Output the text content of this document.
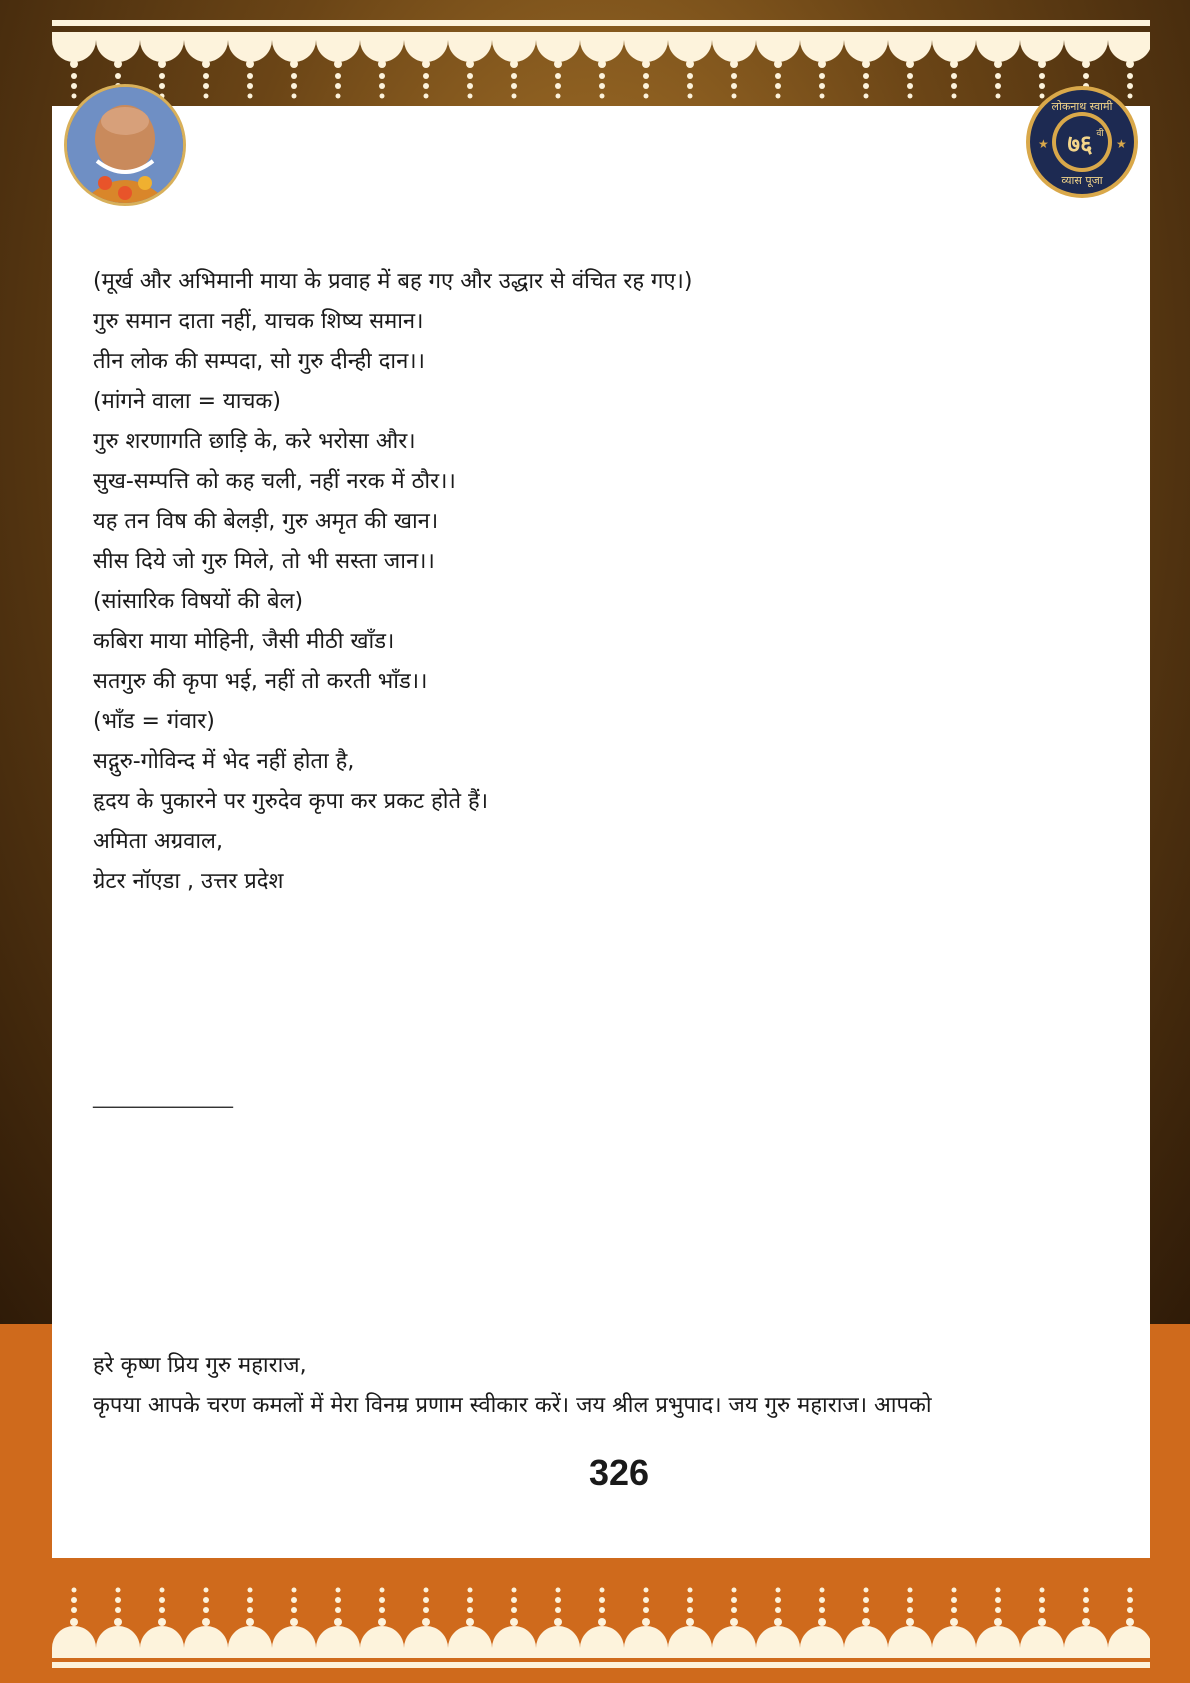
★	★
लोकनाथ स्वामी
७६ वी
व्यास पूजा
(मूर्ख और अभिमानी माया के प्रवाह में बह गए और उद्धार से वंचित रह गए।)
गुरु समान दाता नहीं, याचक शिष्य समान।
तीन लोक की सम्पदा, सो गुरु दीन्ही दान।।
(मांगने वाला = याचक)
गुरु शरणागति छाड़ि के, करे भरोसा और।
सुख-सम्पत्ति को कह चली, नहीं नरक में ठौर।।
यह तन विष की बेलड़ी, गुरु अमृत की खान।
सीस दिये जो गुरु मिले, तो भी सस्ता जान।।
(सांसारिक विषयों की बेल)
कबिरा माया मोहिनी, जैसी मीठी खाँड।
सतगुरु की कृपा भई, नहीं तो करती भाँड।।
(भाँड = गंवार)
सद्गुरु-गोविन्द में भेद नहीं होता है,
हृदय के पुकारने पर गुरुदेव कृपा कर प्रकट होते हैं।
अमिता अग्रवाल,
ग्रेटर नॉएडा , उत्तर प्रदेश
______________
हरे कृष्ण प्रिय गुरु महाराज,
कृपया आपके चरण कमलों में मेरा विनम्र प्रणाम स्वीकार करें। जय श्रील प्रभुपाद। जय गुरु महाराज। आपको
326
